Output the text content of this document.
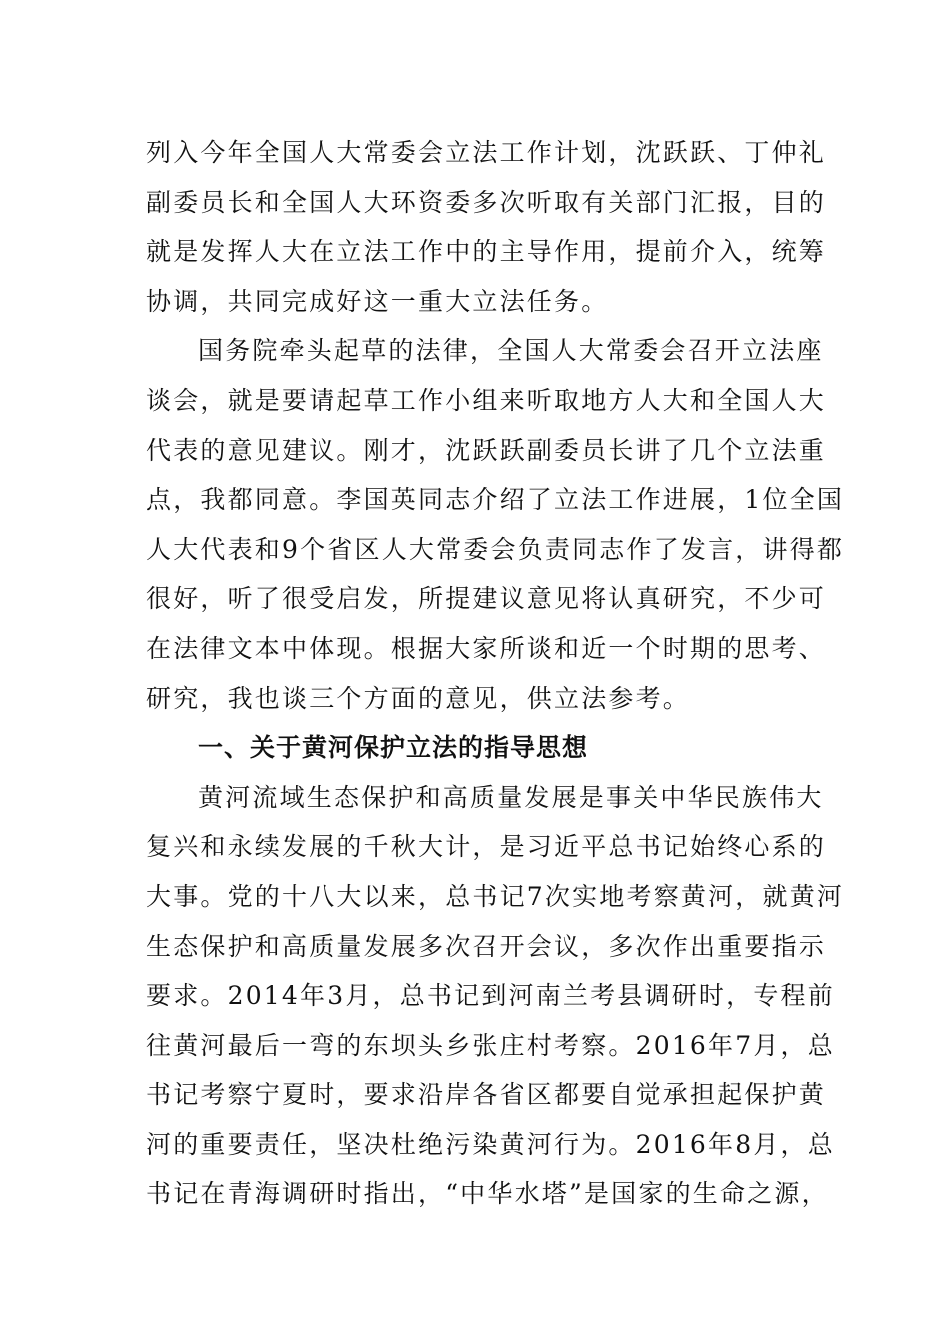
列入今年全国人大常委会立法工作计划，沈跃跃、丁仲礼
副委员长和全国人大环资委多次听取有关部门汇报，目的
就是发挥人大在立法工作中的主导作用，提前介入，统筹
协调，共同完成好这一重大立法任务。
国务院牵头起草的法律，全国人大常委会召开立法座
谈会，就是要请起草工作小组来听取地方人大和全国人大
代表的意见建议。刚才，沈跃跃副委员长讲了几个立法重
点，我都同意。李国英同志介绍了立法工作进展，1位全国
人大代表和9个省区人大常委会负责同志作了发言，讲得都
很好，听了很受启发，所提建议意见将认真研究，不少可
在法律文本中体现。根据大家所谈和近一个时期的思考、
研究，我也谈三个方面的意见，供立法参考。
一、关于黄河保护立法的指导思想
黄河流域生态保护和高质量发展是事关中华民族伟大
复兴和永续发展的千秋大计，是习近平总书记始终心系的
大事。党的十八大以来，总书记7次实地考察黄河，就黄河
生态保护和高质量发展多次召开会议，多次作出重要指示
要求。2014年3月，总书记到河南兰考县调研时，专程前
往黄河最后一弯的东坝头乡张庄村考察。2016年7月，总
书记考察宁夏时，要求沿岸各省区都要自觉承担起保护黄
河的重要责任，坚决杜绝污染黄河行为。2016年8月，总
书记在青海调研时指出，“中华水塔”是国家的生命之源，
